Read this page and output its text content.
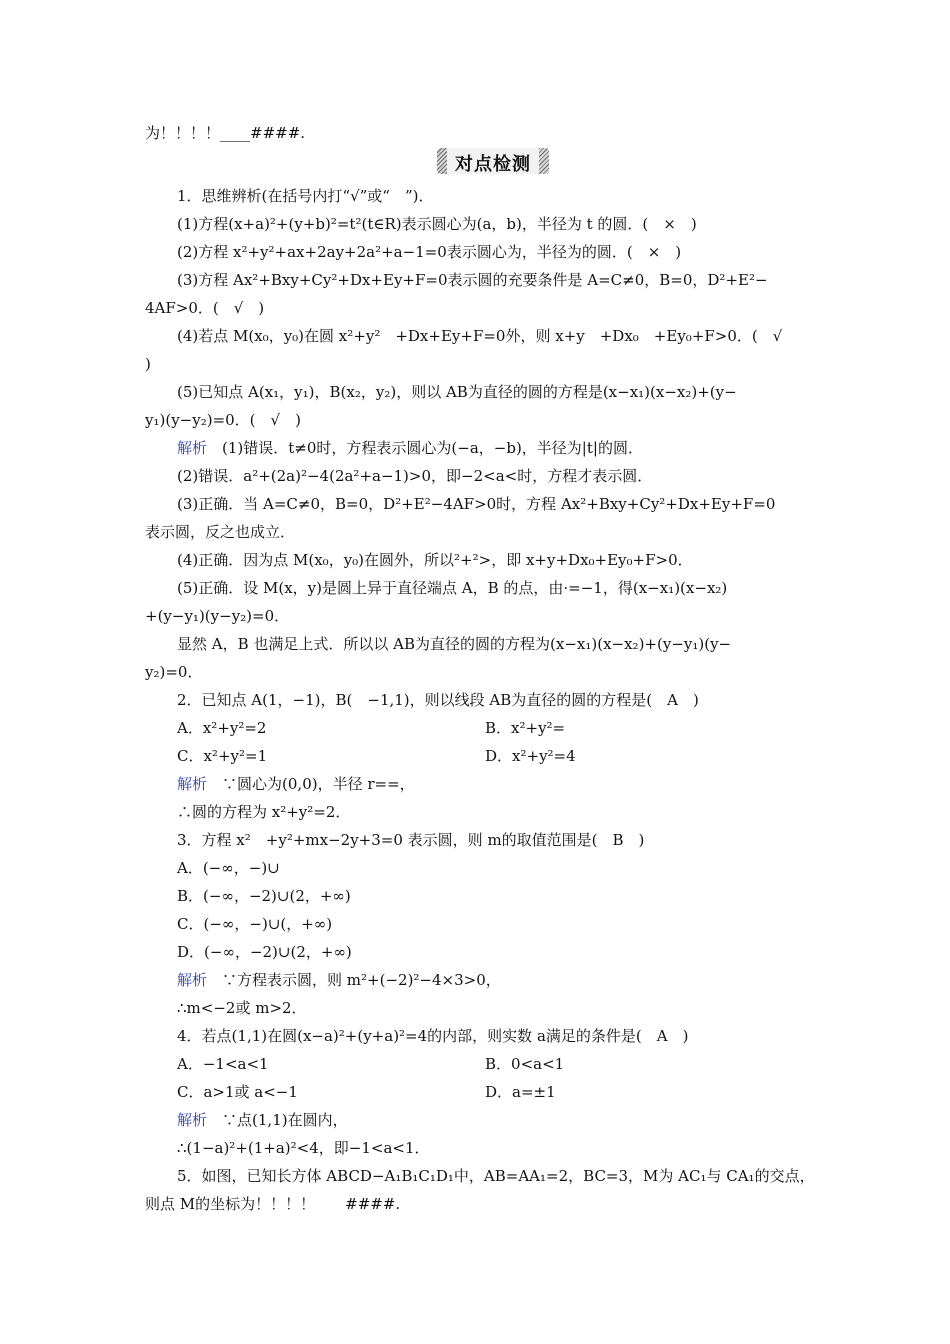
为！！！！____####.
对点检测
1．思维辨析(在括号内打“√”或“　”)．
(1)方程(x+a)²+(y+b)²=t²(t∈R)表示圆心为(a，b)，半径为 t 的圆．(　×　)
(2)方程 x²+y²+ax+2ay+2a²+a−1=0表示圆心为，半径为的圆．(　×　)
(3)方程 Ax²+Bxy+Cy²+Dx+Ey+F=0表示圆的充要条件是 A=C≠0，B=0，D²+E²−
4AF>0．(　√　)
(4)若点 M(x₀，y₀)在圆 x²+y²　+Dx+Ey+F=0外，则 x+y　+Dx₀　+Ey₀+F>0．(　√
)
(5)已知点 A(x₁，y₁)，B(x₂，y₂)，则以 AB为直径的圆的方程是(x−x₁)(x−x₂)+(y−
y₁)(y−y₂)=0．(　√　)
解析　 (1)错误．t≠0时，方程表示圆心为(−a，−b)，半径为|t|的圆．
(2)错误．a²+(2a)²−4(2a²+a−1)>0，即−2<a<时，方程才表示圆．
(3)正确．当 A=C≠0，B=0，D²+E²−4AF>0时，方程 Ax²+Bxy+Cy²+Dx+Ey+F=0
表示圆，反之也成立．
(4)正确．因为点 M(x₀，y₀)在圆外，所以²+²>，即 x+y+Dx₀+Ey₀+F>0．
(5)正确．设 M(x，y)是圆上异于直径端点 A，B 的点，由·=−1，得(x−x₁)(x−x₂)
+(y−y₁)(y−y₂)=0．
显然 A，B 也满足上式．所以以 AB为直径的圆的方程为(x−x₁)(x−x₂)+(y−y₁)(y−
y₂)=0．
2．已知点 A(1，−1)，B(　−1,1)，则以线段 AB为直径的圆的方程是(　A　)
A．x²+y²=2	B．x²+y²=
C．x²+y²=1	D．x²+y²=4
解析　 ∵圆心为(0,0)，半径 r==，
∴圆的方程为 x²+y²=2．
3．方程 x²　+y²+mx−2y+3=0 表示圆，则 m的取值范围是(　B　)
A．(−∞，−)∪
B．(−∞，−2)∪(2，+∞)
C．(−∞，−)∪(，+∞)
D．(−∞，−2)∪(2，+∞)
解析　 ∵方程表示圆，则 m²+(−2)²−4×3>0，
∴m<−2或 m>2．
4．若点(1,1)在圆(x−a)²+(y+a)²=4的内部，则实数 a满足的条件是(　A　)
A．−1<a<1	B．0<a<1
C．a>1或 a<−1	D．a=±1
解析　 ∵点(1,1)在圆内，
∴(1−a)²+(1+a)²<4，即−1<a<1．
5．如图，已知长方体 ABCD−A₁B₁C₁D₁中，AB=AA₁=2，BC=3，M为 AC₁与 CA₁的交点，
则点 M的坐标为！！！！　　####.
